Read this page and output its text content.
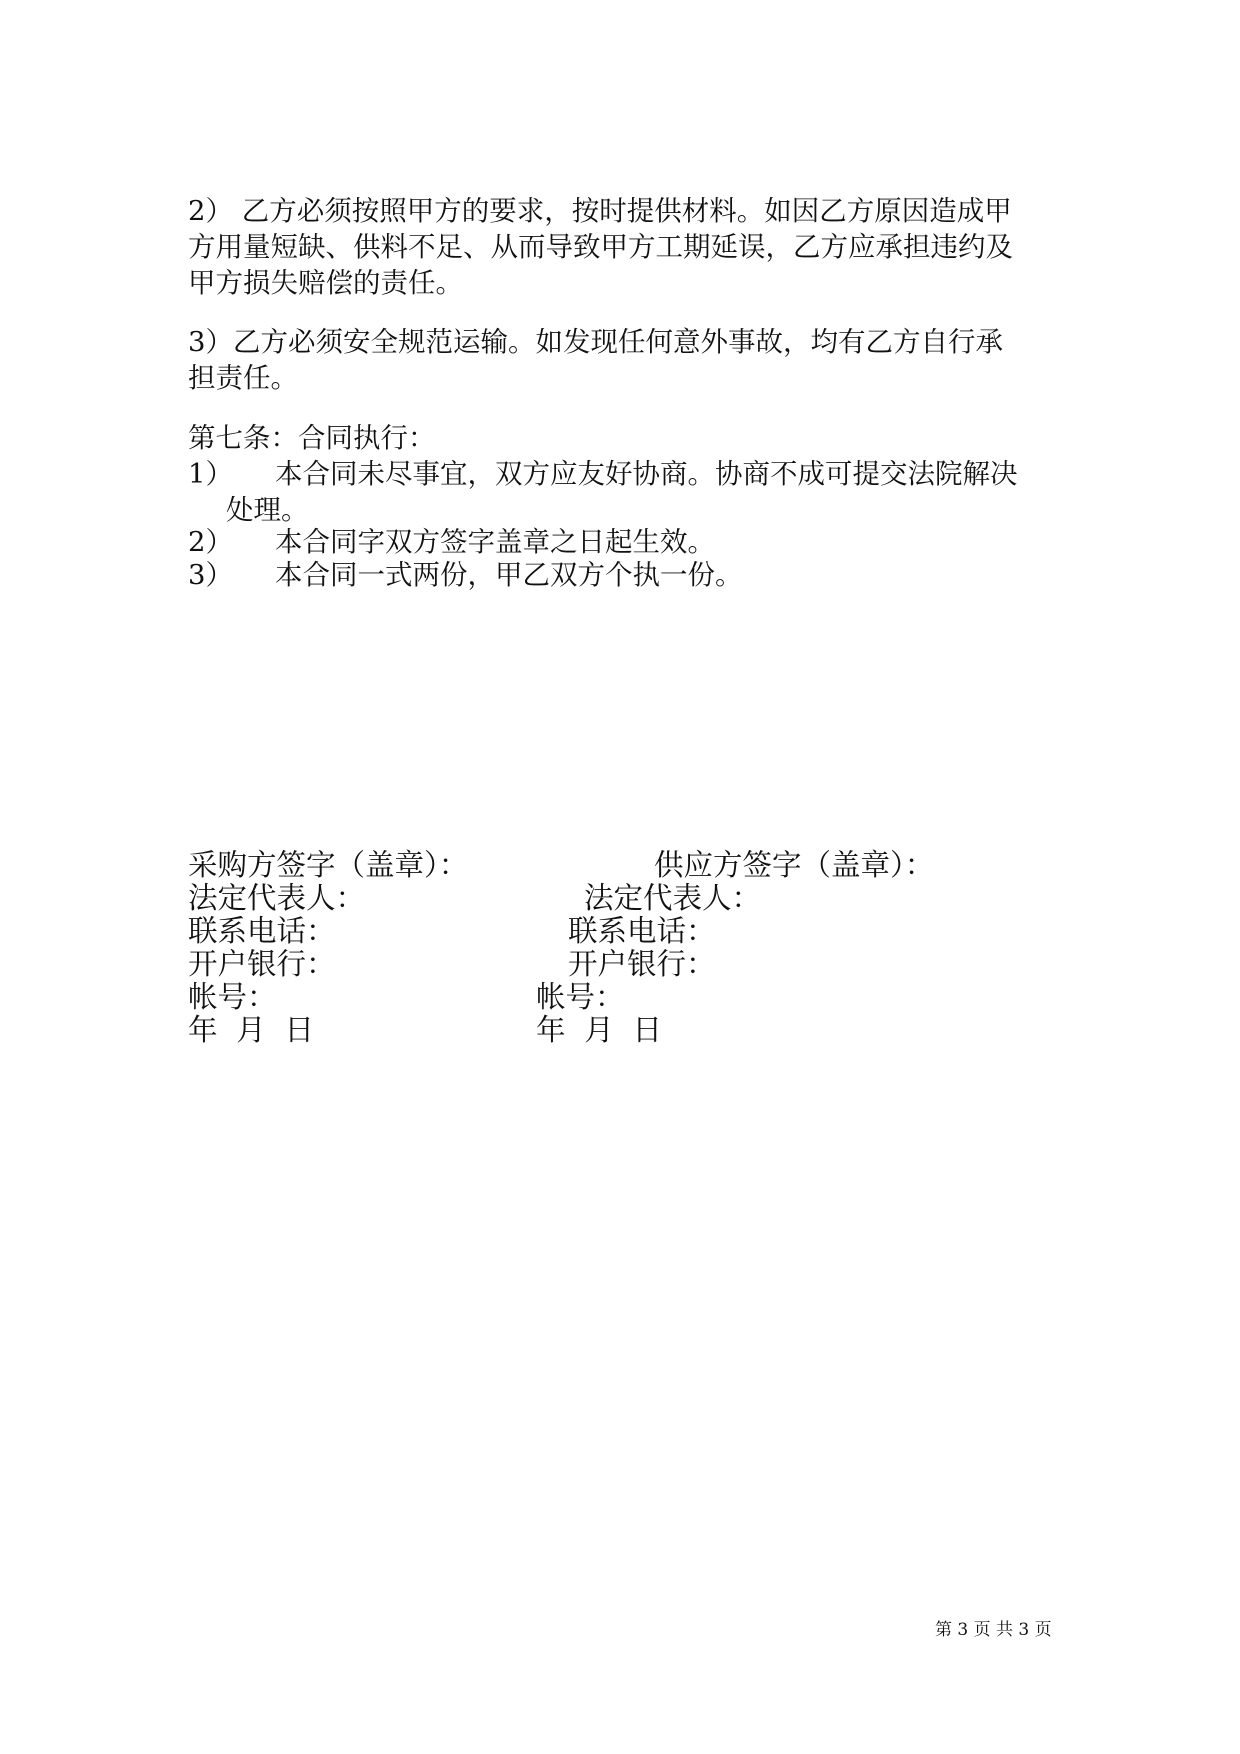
2） 乙方必须按照甲方的要求，按时提供材料。如因乙方原因造成甲
方用量短缺、供料不足、从而导致甲方工期延误，乙方应承担违约及
甲方损失赔偿的责任。
3）乙方必须安全规范运输。如发现任何意外事故，均有乙方自行承
担责任。
第七条：合同执行：
1） 本合同未尽事宜，双方应友好协商。协商不成可提交法院解决
处理。
2） 本合同字双方签字盖章之日起生效。
3） 本合同一式两份，甲乙双方个执一份。
采购方签字（盖章）：
法定代表人：
联系电话：
开户银行：
帐号：
年  月  日
供应方签字（盖章）：
法定代表人：
联系电话：
开户银行：
帐号：
年  月  日
第 3 页 共 3 页
